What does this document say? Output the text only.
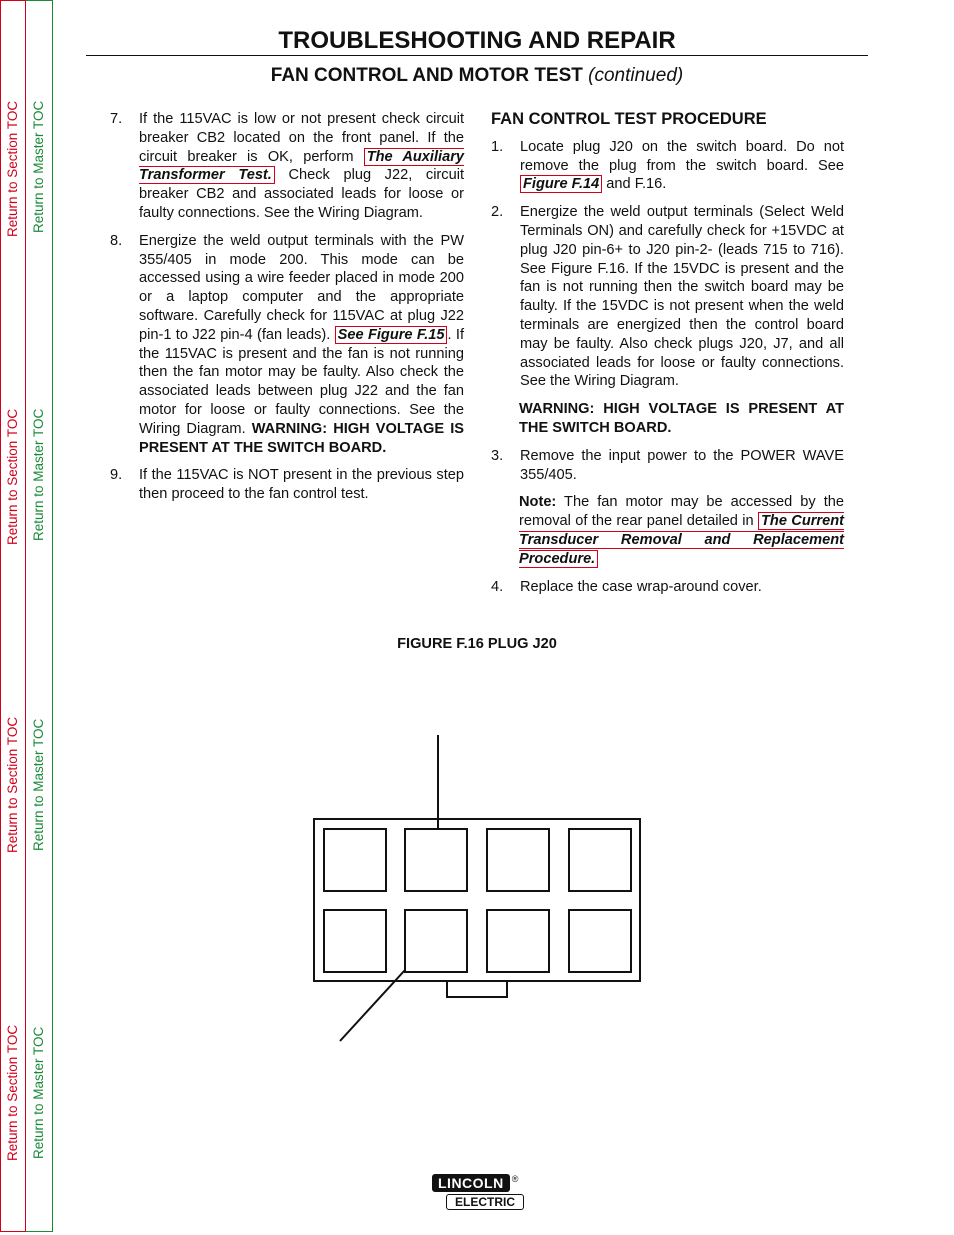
Return to Section TOC Return to Master TOC
Return to Section TOC Return to Master TOC
Return to Section TOC Return to Master TOC
Return to Section TOC Return to Master TOC
TROUBLESHOOTING AND REPAIR
FAN CONTROL AND MOTOR TEST (continued)
7.	If the 115VAC is low or not present check circuit breaker CB2 located on the front panel. If the circuit breaker is OK, perform The Auxiliary Transformer Test. Check plug J22, circuit breaker CB2 and associated leads for loose or faulty connections. See the Wiring Diagram.
8.	Energize the weld output terminals with the PW 355/405 in mode 200. This mode can be accessed using a wire feeder placed in mode 200 or a laptop computer and the appropriate software. Carefully check for 115VAC at plug J22 pin-1 to J22 pin-4 (fan leads). See Figure F.15 . If the 115VAC is present and the fan is not running then the fan motor may be faulty. Also check the associated leads between plug J22 and the fan motor for loose or faulty connections. See the Wiring Diagram. WARNING: HIGH VOLTAGE IS PRESENT AT THE SWITCH BOARD.
9.	If the 115VAC is NOT present in the previous step then proceed to the fan control test.
FAN CONTROL TEST PROCEDURE
1.	Locate plug J20 on the switch board. Do not remove the plug from the switch board. See Figure F.14 and F.16.
2.	Energize the weld output terminals (Select Weld Terminals ON) and carefully check for +15VDC at plug J20 pin-6+ to J20 pin-2- (leads 715 to 716). See Figure F.16. If the 15VDC is present and the fan is not running then the switch board may be faulty. If the 15VDC is not present when the weld terminals are energized then the control board may be faulty. Also check plugs J20, J7, and all associated leads for loose or faulty connections. See the Wiring Diagram.
WARNING: HIGH VOLTAGE IS PRESENT AT THE SWITCH BOARD.
3.	Remove the input power to the POWER WAVE 355/405.
Note: The fan motor may be accessed by the removal of the rear panel detailed in The Current Transducer Removal and Replacement Procedure.
4.	Replace the case wrap-around cover.
FIGURE F.16 PLUG J20
LINCOLN ®
ELECTRIC
